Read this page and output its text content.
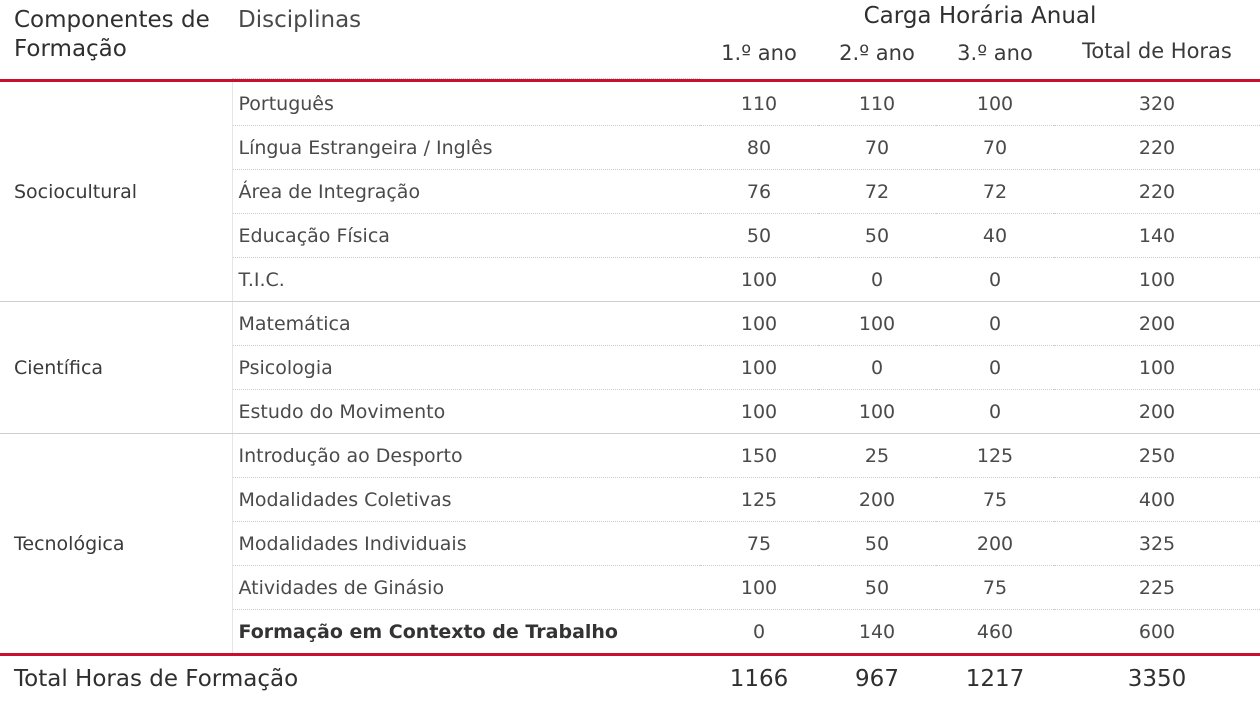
Componentes de Formação	Disciplinas	Carga Horária Anual			
		1.º ano	2.º ano	3.º ano	Total de Horas

Sociocultural	Português	110	110	100	320
	Língua Estrangeira / Inglês	80	70	70	220
	Área de Integração	76	72	72	220
	Educação Física	50	50	40	140
	T.I.C.	100	0	0	100
Científica	Matemática	100	100	0	200
	Psicologia	100	0	0	100
	Estudo do Movimento	100	100	0	200
Tecnológica	Introdução ao Desporto	150	25	125	250
	Modalidades Coletivas	125	200	75	400
	Modalidades Individuais	75	50	200	325
	Atividades de Ginásio	100	50	75	225
	Formação em Contexto de Trabalho	0	140	460	600

Total Horas de Formação		1166	967	1217	3350
